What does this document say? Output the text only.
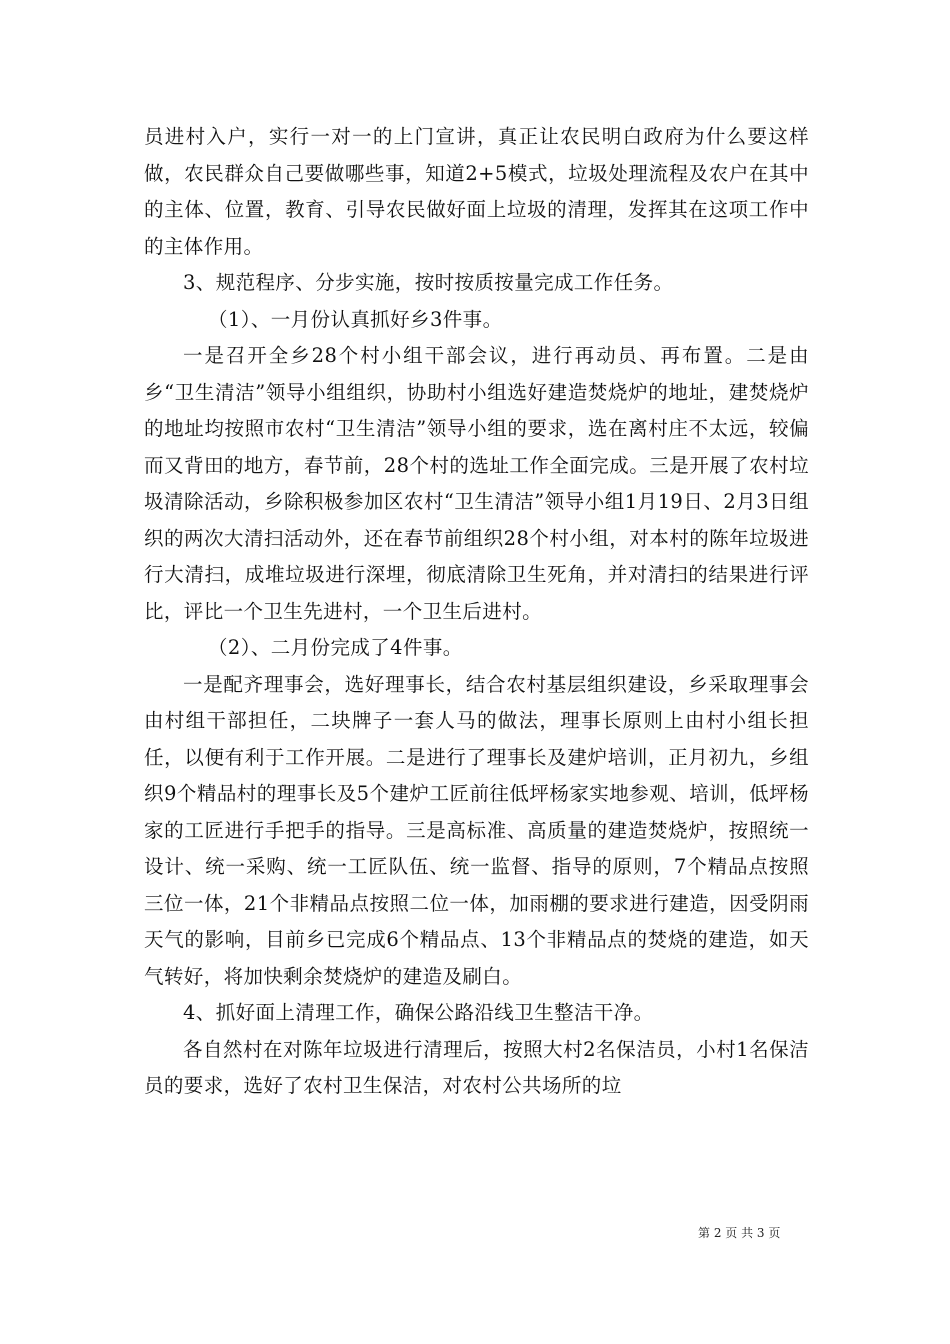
员进村入户，实行一对一的上门宣讲，真正让农民明白政府为什么要这样做，农民群众自己要做哪些事，知道2+5模式，垃圾处理流程及农户在其中的主体、位置，教育、引导农民做好面上垃圾的清理，发挥其在这项工作中的主体作用。

3、规范程序、分步实施，按时按质按量完成工作任务。

（1）、一月份认真抓好乡3件事。

一是召开全乡28个村小组干部会议，进行再动员、再布置。二是由乡“卫生清洁”领导小组组织，协助村小组选好建造焚烧炉的地址，建焚烧炉的地址均按照市农村“卫生清洁”领导小组的要求，选在离村庄不太远，较偏而又背田的地方，春节前，28个村的选址工作全面完成。三是开展了农村垃圾清除活动，乡除积极参加区农村“卫生清洁”领导小组1月19日、2月3日组织的两次大清扫活动外，还在春节前组织28个村小组，对本村的陈年垃圾进行大清扫，成堆垃圾进行深埋，彻底清除卫生死角，并对清扫的结果进行评比，评比一个卫生先进村，一个卫生后进村。

（2）、二月份完成了4件事。

一是配齐理事会，选好理事长，结合农村基层组织建设，乡采取理事会由村组干部担任，二块牌子一套人马的做法，理事长原则上由村小组长担任，以便有利于工作开展。二是进行了理事长及建炉培训，正月初九，乡组织9个精品村的理事长及5个建炉工匠前往低坪杨家实地参观、培训，低坪杨家的工匠进行手把手的指导。三是高标准、高质量的建造焚烧炉，按照统一设计、统一采购、统一工匠队伍、统一监督、指导的原则，7个精品点按照三位一体，21个非精品点按照二位一体，加雨棚的要求进行建造，因受阴雨天气的影响，目前乡已完成6个精品点、13个非精品点的焚烧的建造，如天气转好，将加快剩余焚烧炉的建造及刷白。

4、抓好面上清理工作，确保公路沿线卫生整洁干净。

各自然村在对陈年垃圾进行清理后，按照大村2名保洁员，小村1名保洁员的要求，选好了农村卫生保洁，对农村公共场所的垃

第 2 页 共 3 页
